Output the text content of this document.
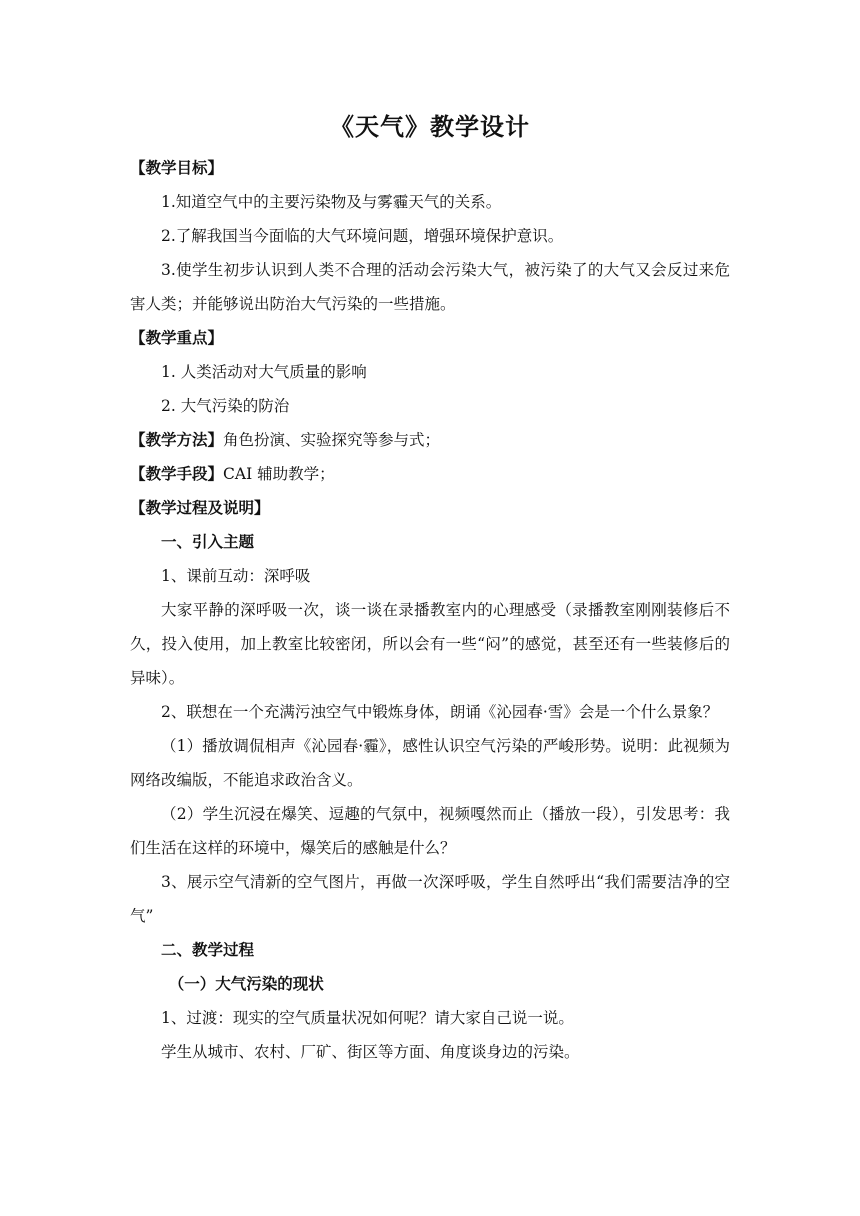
《天气》教学设计

【教学目标】

1.知道空气中的主要污染物及与雾霾天气的关系。

2.了解我国当今面临的大气环境问题，增强环境保护意识。

3.使学生初步认识到人类不合理的活动会污染大气，被污染了的大气又会反过来危害人类；并能够说出防治大气污染的一些措施。

【教学重点】

1. 人类活动对大气质量的影响

2. 大气污染的防治

【教学方法】角色扮演、实验探究等参与式；

【教学手段】CAI 辅助教学；

【教学过程及说明】

一、引入主题

1、课前互动：深呼吸

大家平静的深呼吸一次，谈一谈在录播教室内的心理感受（录播教室刚刚装修后不久，投入使用，加上教室比较密闭，所以会有一些“闷”的感觉，甚至还有一些装修后的异味）。

2、联想在一个充满污浊空气中锻炼身体，朗诵《沁园春·雪》会是一个什么景象？

（1）播放调侃相声《沁园春·霾》，感性认识空气污染的严峻形势。说明：此视频为网络改编版，不能追求政治含义。

（2）学生沉浸在爆笑、逗趣的气氛中，视频嘎然而止（播放一段），引发思考：我们生活在这样的环境中，爆笑后的感触是什么？

3、展示空气清新的空气图片，再做一次深呼吸，学生自然呼出“我们需要洁净的空气”

二、教学过程

（一）大气污染的现状

1、过渡：现实的空气质量状况如何呢？请大家自己说一说。

学生从城市、农村、厂矿、街区等方面、角度谈身边的污染。
